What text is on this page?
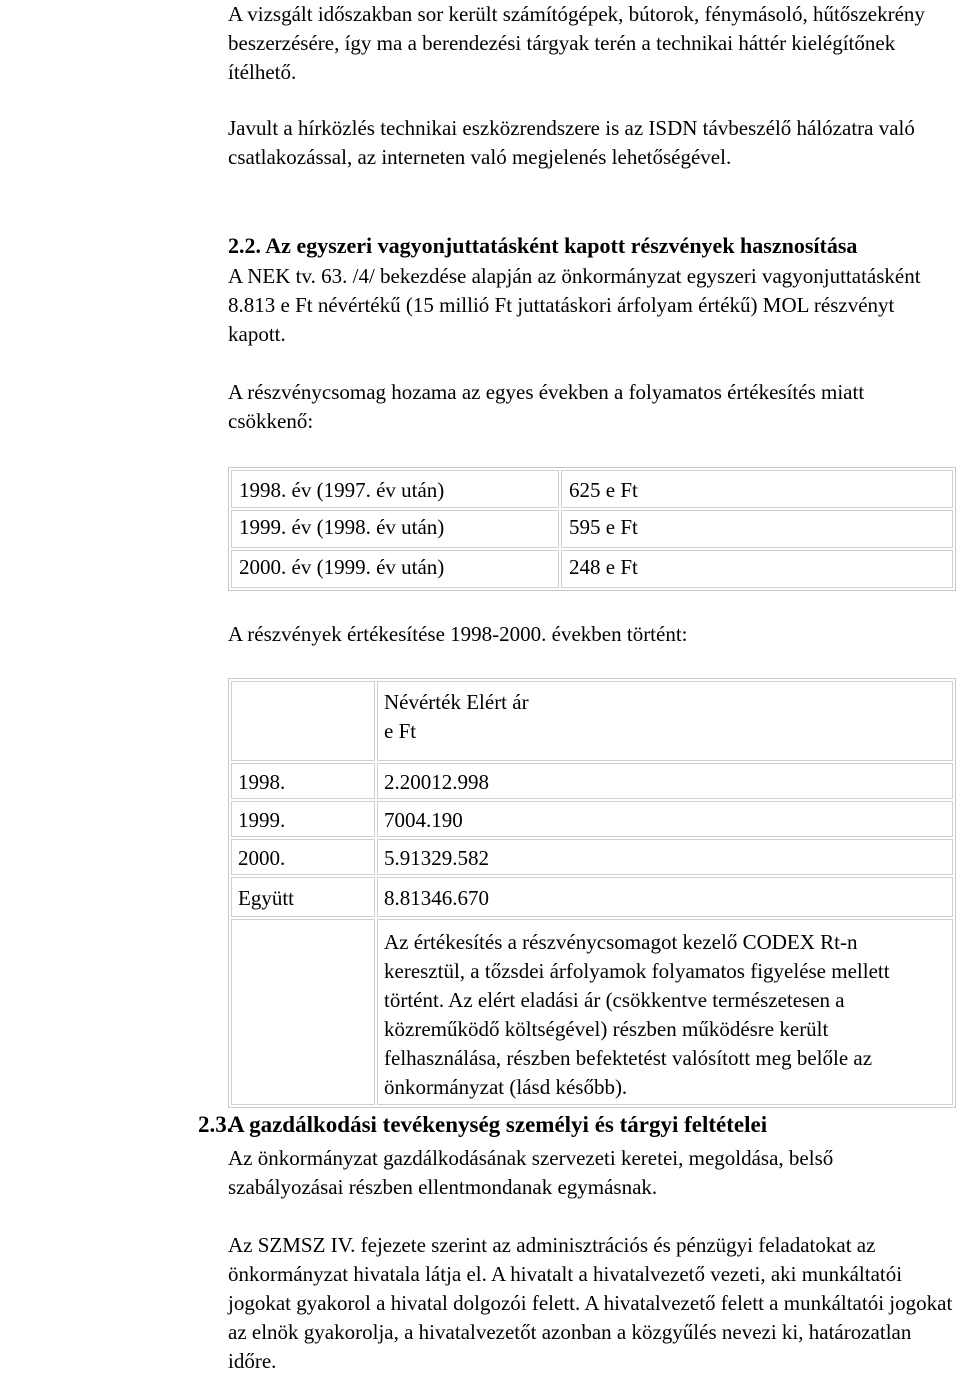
A vizsgált időszakban sor került számítógépek, bútorok, fénymásoló, hűtőszekrény beszerzésére, így ma a berendezési tárgyak terén a technikai háttér kielégítőnek ítélhető.

Javult a hírközlés technikai eszközrendszere is az ISDN távbeszélő hálózatra való csatlakozással, az interneten való megjelenés lehetőségével.

2.2. Az egyszeri vagyonjuttatásként kapott részvények hasznosítása

A NEK tv. 63. /4/ bekezdése alapján az önkormányzat egyszeri vagyonjuttatásként 8.813 e Ft névértékű (15 millió Ft juttatáskori árfolyam értékű) MOL részvényt kapott.

A részvénycsomag hozama az egyes években a folyamatos értékesítés miatt csökkenő:

1998. év (1997. év után)	625 e Ft
1999. év (1998. év után)	595 e Ft
2000. év (1999. év után)	248 e Ft

A részvények értékesítése 1998-2000. években történt:

Névérték Elért ár
e Ft
1998.	2.20012.998
1999.	7004.190
2000.	5.91329.582
Együtt	8.81346.670

Az értékesítés a részvénycsomagot kezelő CODEX Rt-n keresztül, a tőzsdei árfolyamok folyamatos figyelése mellett történt. Az elért eladási ár (csökkentve természetesen a közreműködő költségével) részben működésre került felhasználása, részben befektetést valósított meg belőle az önkormányzat (lásd később).

2.3.
A gazdálkodási tevékenység személyi és tárgyi feltételei

Az önkormányzat gazdálkodásának szervezeti keretei, megoldása, belső szabályozásai részben ellentmondanak egymásnak.

Az SZMSZ IV. fejezete szerint az adminisztrációs és pénzügyi feladatokat az önkormányzat hivatala látja el. A hivatalt a hivatalvezető vezeti, aki munkáltatói jogokat gyakorol a hivatal dolgozói felett. A hivatalvezető felett a munkáltatói jogokat az elnök gyakorolja, a hivatalvezetőt azonban a közgyűlés nevezi ki, határozatlan időre.
